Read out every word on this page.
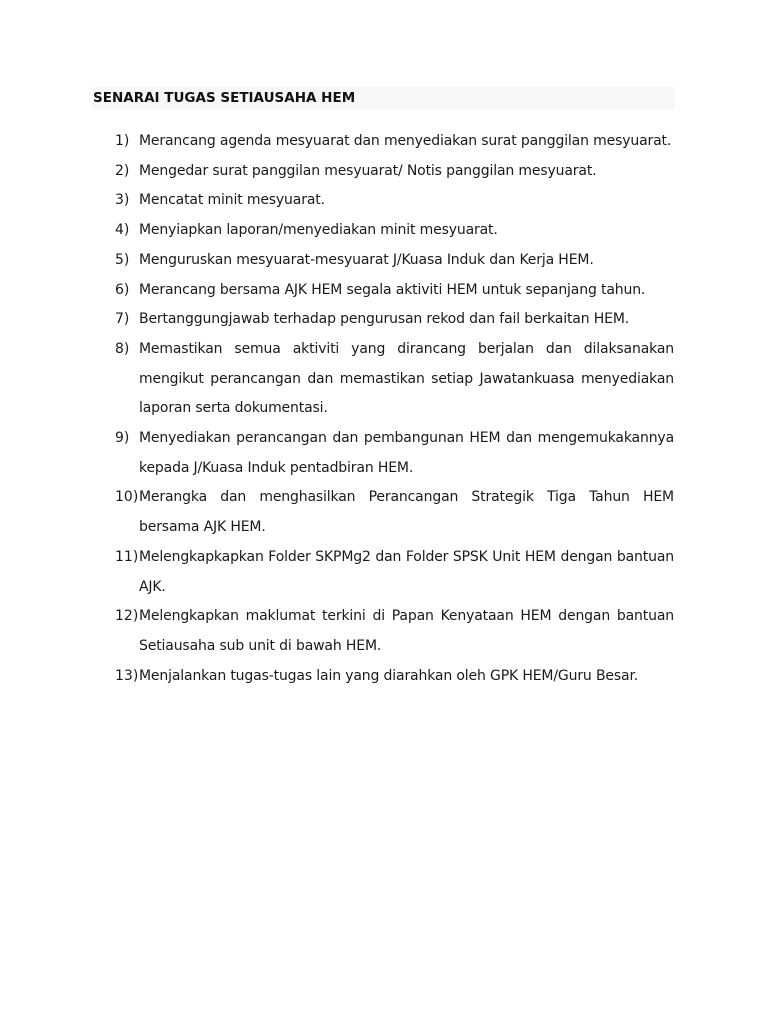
SENARAI TUGAS SETIAUSAHA HEM
1) Merancang agenda mesyuarat dan menyediakan surat panggilan mesyuarat.
2) Mengedar surat panggilan mesyuarat/ Notis panggilan mesyuarat.
3) Mencatat minit mesyuarat.
4) Menyiapkan laporan/menyediakan minit mesyuarat.
5) Menguruskan mesyuarat-mesyuarat J/Kuasa Induk dan Kerja HEM.
6) Merancang bersama AJK HEM segala aktiviti HEM untuk sepanjang tahun.
7) Bertanggungjawab terhadap pengurusan rekod dan fail berkaitan HEM.
8) Memastikan semua aktiviti yang dirancang berjalan dan dilaksanakan mengikut perancangan dan memastikan setiap Jawatankuasa menyediakan laporan serta dokumentasi.
9) Menyediakan perancangan dan pembangunan HEM dan mengemukakannya kepada J/Kuasa Induk pentadbiran HEM.
10) Merangka dan menghasilkan Perancangan Strategik Tiga Tahun HEM bersama AJK HEM.
11) Melengkapkapkan Folder SKPMg2 dan Folder SPSK Unit HEM dengan bantuan AJK.
12) Melengkapkan maklumat terkini di Papan Kenyataan HEM dengan bantuan Setiausaha sub unit di bawah HEM.
13) Menjalankan tugas-tugas lain yang diarahkan oleh GPK HEM/Guru Besar.
